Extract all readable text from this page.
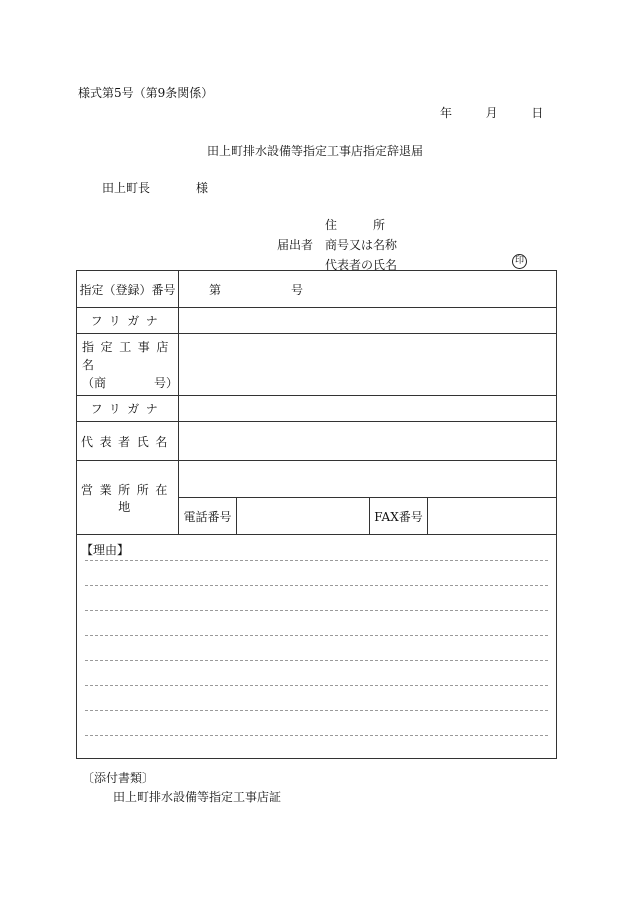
様式第5号（第9条関係）
年	月	日
田上町排水設備等指定工事店指定辞退届
田上町長	様
住　　　所
届出者 商号又は名称
代表者の氏名	印
指定（登録）番号	第 号
フリガナ	

指定工事店名
（商　　　　号）	

フリガナ	
代表者氏名	
営業所所在地	

電話番号 FAX番号

【理由】	
〔添付書類〕
田上町排水設備等指定工事店証
